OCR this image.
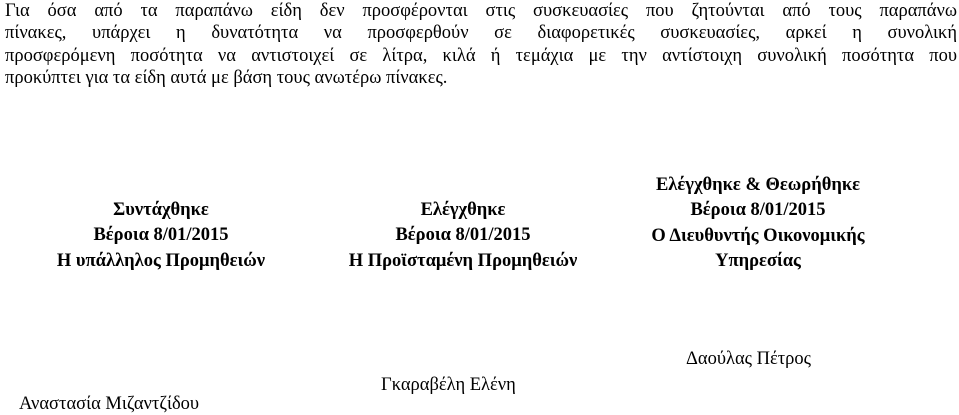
Για όσα από τα παραπάνω είδη δεν προσφέρονται στις συσκευασίες που ζητούνται από τους παραπάνω
πίνακες, υπάρχει η δυνατότητα να προσφερθούν σε διαφορετικές συσκευασίες, αρκεί η συνολική
προσφερόμενη ποσότητα να αντιστοιχεί σε λίτρα, κιλά ή τεμάχια με την αντίστοιχη συνολική ποσότητα που
προκύπτει για τα είδη αυτά με βάση τους ανωτέρω πίνακες.
Συντάχθηκε
Βέροια 8/01/2015
Η υπάλληλος Προμηθειών
Ελέγχθηκε
Βέροια 8/01/2015
Η Προϊσταμένη Προμηθειών
Ελέγχθηκε & Θεωρήθηκε
Βέροια 8/01/2015
Ο Διευθυντής Οικονομικής
Υπηρεσίας
Αναστασία Μιζαντζίδου
Γκαραβέλη Ελένη
Δαούλας Πέτρος
